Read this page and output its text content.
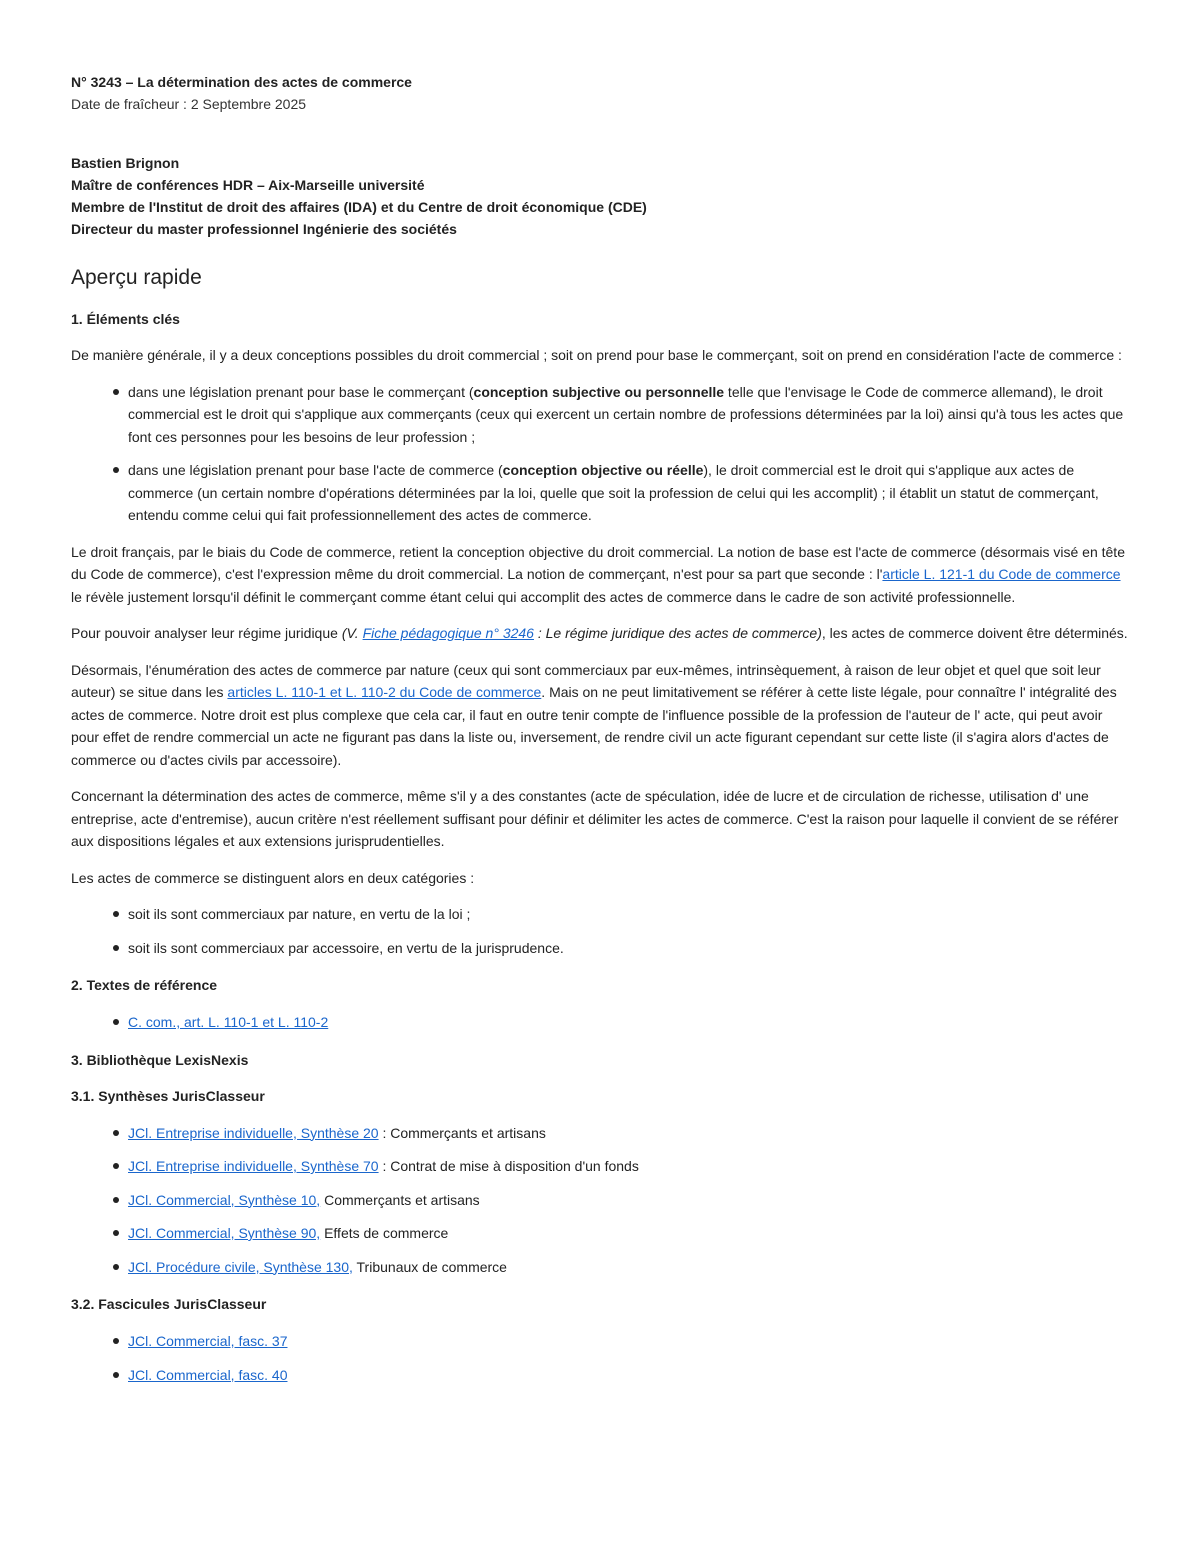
N° 3243 – La détermination des actes de commerce

Date de fraîcheur : 2 Septembre 2025

Bastien Brignon

Maître de conférences HDR – Aix-Marseille université

Membre de l'Institut de droit des affaires (IDA) et du Centre de droit économique (CDE)

Directeur du master professionnel Ingénierie des sociétés

Aperçu rapide
1. Éléments clés

De manière générale, il y a deux conceptions possibles du droit commercial ; soit on prend pour base le commerçant, soit on prend en considération l'acte de commerce :

dans une législation prenant pour base le commerçant (conception subjective ou personnelle telle que l'envisage le Code de commerce allemand), le droit commercial est le droit qui s'applique aux commerçants (ceux qui exercent un certain nombre de professions déterminées par la loi) ainsi qu'à tous les actes que font ces personnes pour les besoins de leur profession ;
dans une législation prenant pour base l'acte de commerce (conception objective ou réelle), le droit commercial est le droit qui s'applique aux actes de commerce (un certain nombre d'opérations déterminées par la loi, quelle que soit la profession de celui qui les accomplit) ; il établit un statut de commerçant, entendu comme celui qui fait professionnellement des actes de commerce.

Le droit français, par le biais du Code de commerce, retient la conception objective du droit commercial. La notion de base est l'acte de commerce (désormais visé en tête du Code de commerce), c'est l'expression même du droit commercial. La notion de commerçant, n'est pour sa part que seconde : l'article L. 121-1 du Code de commerce le révèle justement lorsqu'il définit le commerçant comme étant celui qui accomplit des actes de commerce dans le cadre de son activité professionnelle.

Pour pouvoir analyser leur régime juridique (V. Fiche pédagogique n° 3246 : Le régime juridique des actes de commerce), les actes de commerce doivent être déterminés.

Désormais, l'énumération des actes de commerce par nature (ceux qui sont commerciaux par eux-mêmes, intrinsèquement, à raison de leur objet et quel que soit leur auteur) se situe dans les articles L. 110-1 et L. 110-2 du Code de commerce. Mais on ne peut limitativement se référer à cette liste légale, pour connaître l' intégralité des actes de commerce. Notre droit est plus complexe que cela car, il faut en outre tenir compte de l'influence possible de la profession de l'auteur de l' acte, qui peut avoir pour effet de rendre commercial un acte ne figurant pas dans la liste ou, inversement, de rendre civil un acte figurant cependant sur cette liste (il s'agira alors d'actes de commerce ou d'actes civils par accessoire).

Concernant la détermination des actes de commerce, même s'il y a des constantes (acte de spéculation, idée de lucre et de circulation de richesse, utilisation d' une entreprise, acte d'entremise), aucun critère n'est réellement suffisant pour définir et délimiter les actes de commerce. C'est la raison pour laquelle il convient de se référer aux dispositions légales et aux extensions jurisprudentielles.

Les actes de commerce se distinguent alors en deux catégories :

soit ils sont commerciaux par nature, en vertu de la loi ;
soit ils sont commerciaux par accessoire, en vertu de la jurisprudence.
2. Textes de référence
C. com., art. L. 110-1 et L. 110-2
3. Bibliothèque LexisNexis
3.1. Synthèses JurisClasseur
JCl. Entreprise individuelle, Synthèse 20 : Commerçants et artisans
JCl. Entreprise individuelle, Synthèse 70 : Contrat de mise à disposition d'un fonds
JCl. Commercial, Synthèse 10, Commerçants et artisans
JCl. Commercial, Synthèse 90, Effets de commerce
JCl. Procédure civile, Synthèse 130, Tribunaux de commerce
3.2. Fascicules JurisClasseur
JCl. Commercial, fasc. 37
JCl. Commercial, fasc. 40
